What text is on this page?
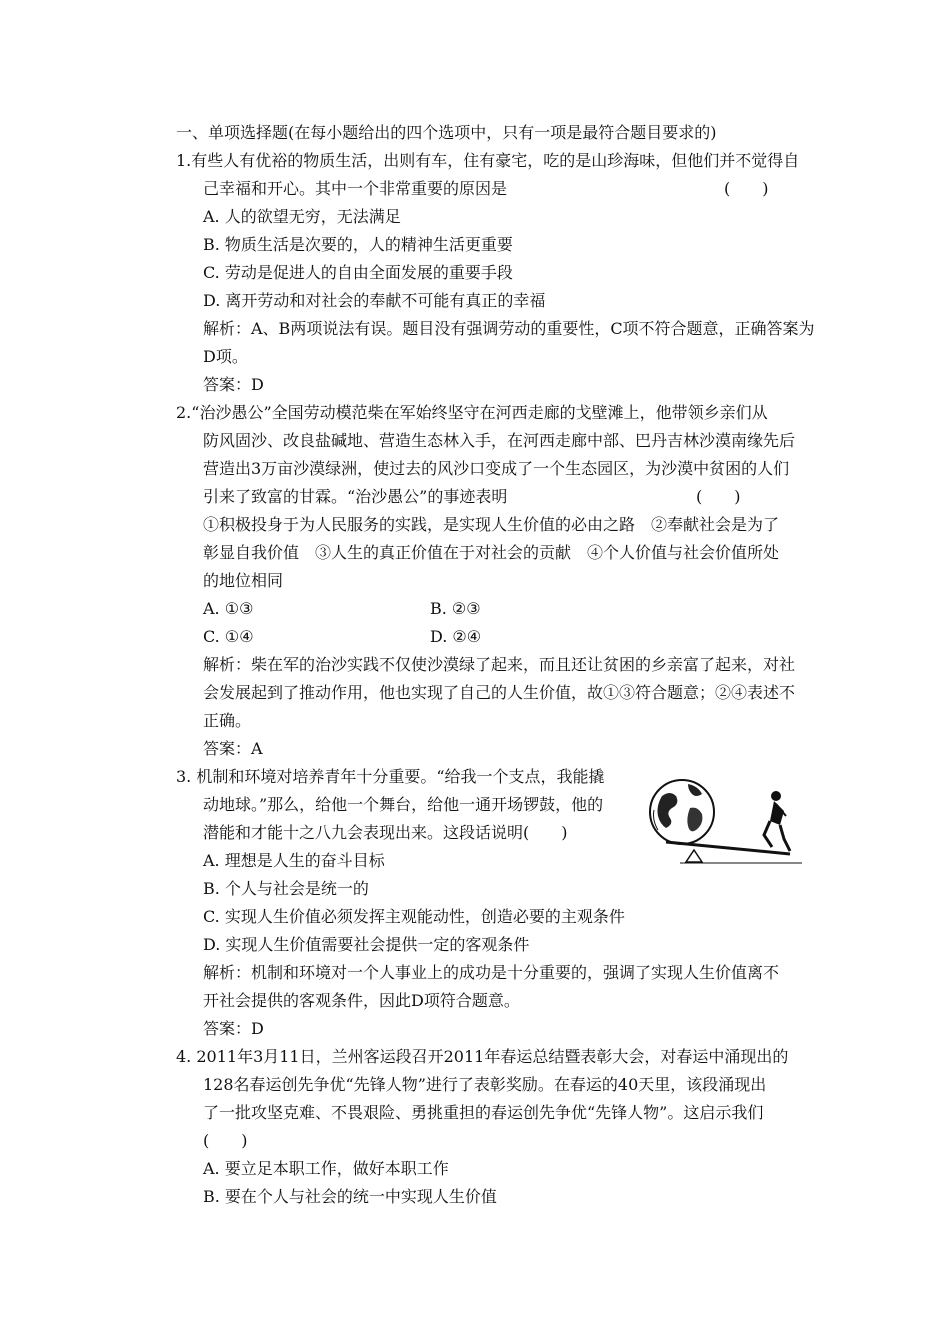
一、单项选择题(在每小题给出的四个选项中，只有一项是最符合题目要求的)
1.有些人有优裕的物质生活，出则有车，住有豪宅，吃的是山珍海味，但他们并不觉得自
己幸福和开心。其中一个非常重要的原因是	(　　)
A. 人的欲望无穷，无法满足
B. 物质生活是次要的，人的精神生活更重要
C. 劳动是促进人的自由全面发展的重要手段
D. 离开劳动和对社会的奉献不可能有真正的幸福
解析：A、B两项说法有误。题目没有强调劳动的重要性，C项不符合题意，正确答案为
D项。
答案：D
2.“治沙愚公”全国劳动模范柴在军始终坚守在河西走廊的戈壁滩上，他带领乡亲们从
防风固沙、改良盐碱地、营造生态林入手，在河西走廊中部、巴丹吉林沙漠南缘先后
营造出3万亩沙漠绿洲，使过去的风沙口变成了一个生态园区，为沙漠中贫困的人们
引来了致富的甘霖。“治沙愚公”的事迹表明	(　　)
①积极投身于为人民服务的实践，是实现人生价值的必由之路　②奉献社会是为了
彰显自我价值　③人生的真正价值在于对社会的贡献　④个人价值与社会价值所处
的地位相同
A. ①③	B. ②③
C. ①④	D. ②④
解析：柴在军的治沙实践不仅使沙漠绿了起来，而且还让贫困的乡亲富了起来，对社
会发展起到了推动作用，他也实现了自己的人生价值，故①③符合题意；②④表述不
正确。
答案：A
3. 机制和环境对培养青年十分重要。“给我一个支点，我能撬
动地球。”那么，给他一个舞台，给他一通开场锣鼓，他的
潜能和才能十之八九会表现出来。这段话说明(　　)
A. 理想是人生的奋斗目标
B. 个人与社会是统一的
C. 实现人生价值必须发挥主观能动性，创造必要的主观条件
D. 实现人生价值需要社会提供一定的客观条件
解析：机制和环境对一个人事业上的成功是十分重要的，强调了实现人生价值离不
开社会提供的客观条件，因此D项符合题意。
答案：D
4. 2011年3月11日，兰州客运段召开2011年春运总结暨表彰大会，对春运中涌现出的
128名春运创先争优“先锋人物”进行了表彰奖励。在春运的40天里，该段涌现出
了一批攻坚克难、不畏艰险、勇挑重担的春运创先争优“先锋人物”。这启示我们
(　　)
A. 要立足本职工作，做好本职工作
B. 要在个人与社会的统一中实现人生价值
